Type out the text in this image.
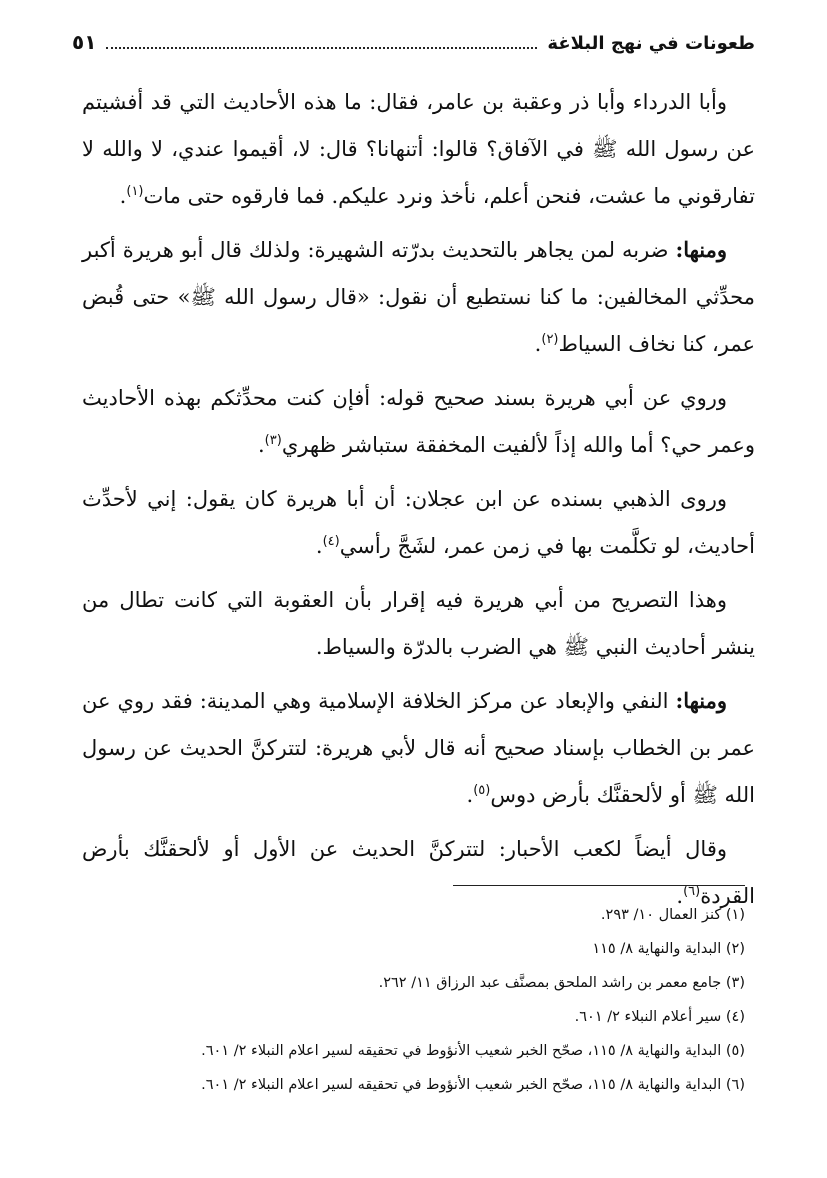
طعونات في نهج البلاغة
٥١

وأبا الدرداء وأبا ذر وعقبة بن عامر، فقال: ما هذه الأحاديث التي قد أفشيتم عن رسول الله ﷺ في الآفاق؟ قالوا: أتنهانا؟ قال: لا، أقيموا عندي، لا والله لا تفارقوني ما عشت، فنحن أعلم، نأخذ ونرد عليكم. فما فارقوه حتى مات$^{(١)}$.

ومنها: ضربه لمن يجاهر بالتحديث بدرّته الشهيرة: ولذلك قال أبو هريرة أكبر محدِّثي المخالفين: ما كنا نستطيع أن نقول: «قال رسول الله ﷺ» حتى قُبض عمر، كنا نخاف السياط$^{(٢)}$.

وروي عن أبي هريرة بسند صحيح قوله: أفإن كنت محدِّثكم بهذه الأحاديث وعمر حي؟ أما والله إذاً لألفيت المخفقة ستباشر ظهري$^{(٣)}$.

وروى الذهبي بسنده عن ابن عجلان: أن أبا هريرة كان يقول: إني لأحدِّث أحاديث، لو تكلَّمت بها في زمن عمر، لشَجَّ رأسي$^{(٤)}$.

وهذا التصريح من أبي هريرة فيه إقرار بأن العقوبة التي كانت تطال من ينشر أحاديث النبي ﷺ هي الضرب بالدرّة والسياط.

ومنها: النفي والإبعاد عن مركز الخلافة الإسلامية وهي المدينة: فقد روي عن عمر بن الخطاب بإسناد صحيح أنه قال لأبي هريرة: لتتركنَّ الحديث عن رسول الله ﷺ أو لألحقنَّك بأرض دوس$^{(٥)}$.

وقال أيضاً لكعب الأحبار: لتتركنَّ الحديث عن الأول أو لألحقنَّك بأرض القردة$^{(٦)}$.

(١) كنز العمال ١٠/ ٢٩٣.
(٢) البداية والنهاية ٨/ ١١٥
(٣) جامع معمر بن راشد الملحق بمصنَّف عبد الرزاق ١١/ ٢٦٢.
(٤) سير أعلام النبلاء ٢/ ٦٠١.
(٥) البداية والنهاية ٨/ ١١٥، صحّح الخبر شعيب الأنؤوط في تحقيقه لسير اعلام النبلاء ٢/ ٦٠١.
(٦) البداية والنهاية ٨/ ١١٥، صحّح الخبر شعيب الأنؤوط في تحقيقه لسير اعلام النبلاء ٢/ ٦٠١.
